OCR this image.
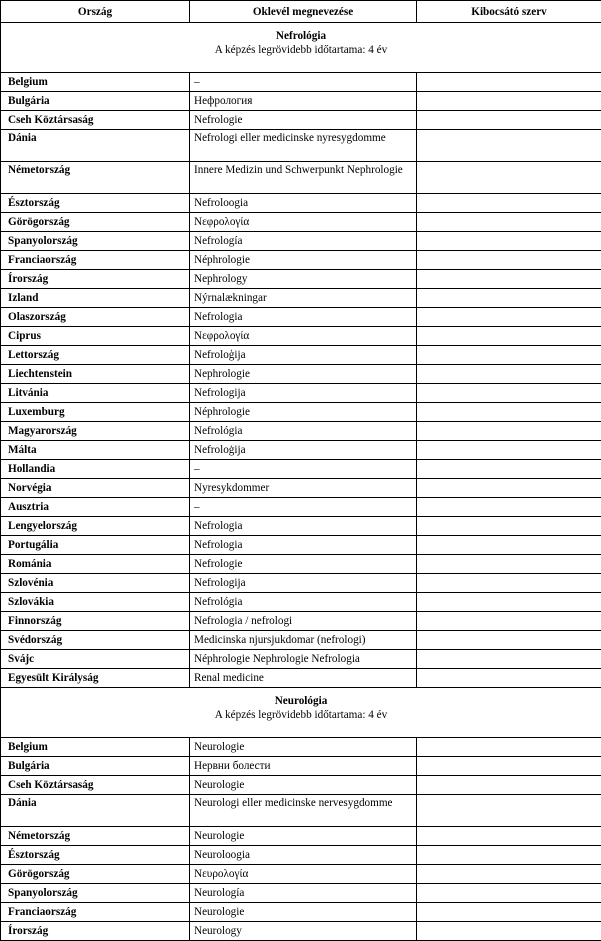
Ország	Oklevél megnevezése	Kibocsátó szerv

Nefrológia
A képzés legrövidebb időtartama: 4 év		

Belgium	–	
Bulgária	Нефрология	
Cseh Köztársaság	Nefrologie	
Dánia	Nefrologi eller medicinske nyresygdomme	
Németország	Innere Medizin und Schwerpunkt Nephrologie	
Észtország	Nefroloogia	
Görögország	Νεφρολογία	
Spanyolország	Nefrología	
Franciaország	Néphrologie	
Írország	Nephrology	
Izland	Nýrnalækningar	
Olaszország	Nefrologia	
Ciprus	Νεφρολογία	
Lettország	Nefroloģija	
Liechtenstein	Nephrologie	
Litvánia	Nefrologija	
Luxemburg	Néphrologie	
Magyarország	Nefrológia	
Málta	Nefroloġija	
Hollandia	–	
Norvégia	Nyresykdommer	
Ausztria	–	
Lengyelország	Nefrologia	
Portugália	Nefrologia	
Románia	Nefrologie	
Szlovénia	Nefrologija	
Szlovákia	Nefrológia	
Finnország	Nefrologia / nefrologi	
Svédország	Medicinska njursjukdomar (nefrologi)	
Svájc	Néphrologie Nephrologie Nefrologia	
Egyesült Királyság	Renal medicine	

Neurológia
A képzés legrövidebb időtartama: 4 év		

Belgium	Neurologie	
Bulgária	Нервни болести	
Cseh Köztársaság	Neurologie	
Dánia	Neurologi eller medicinske nervesygdomme	
Németország	Neurologie	
Észtország	Neuroloogia	
Görögország	Νευρολογία	
Spanyolország	Neurología	
Franciaország	Neurologie	
Írország	Neurology	
